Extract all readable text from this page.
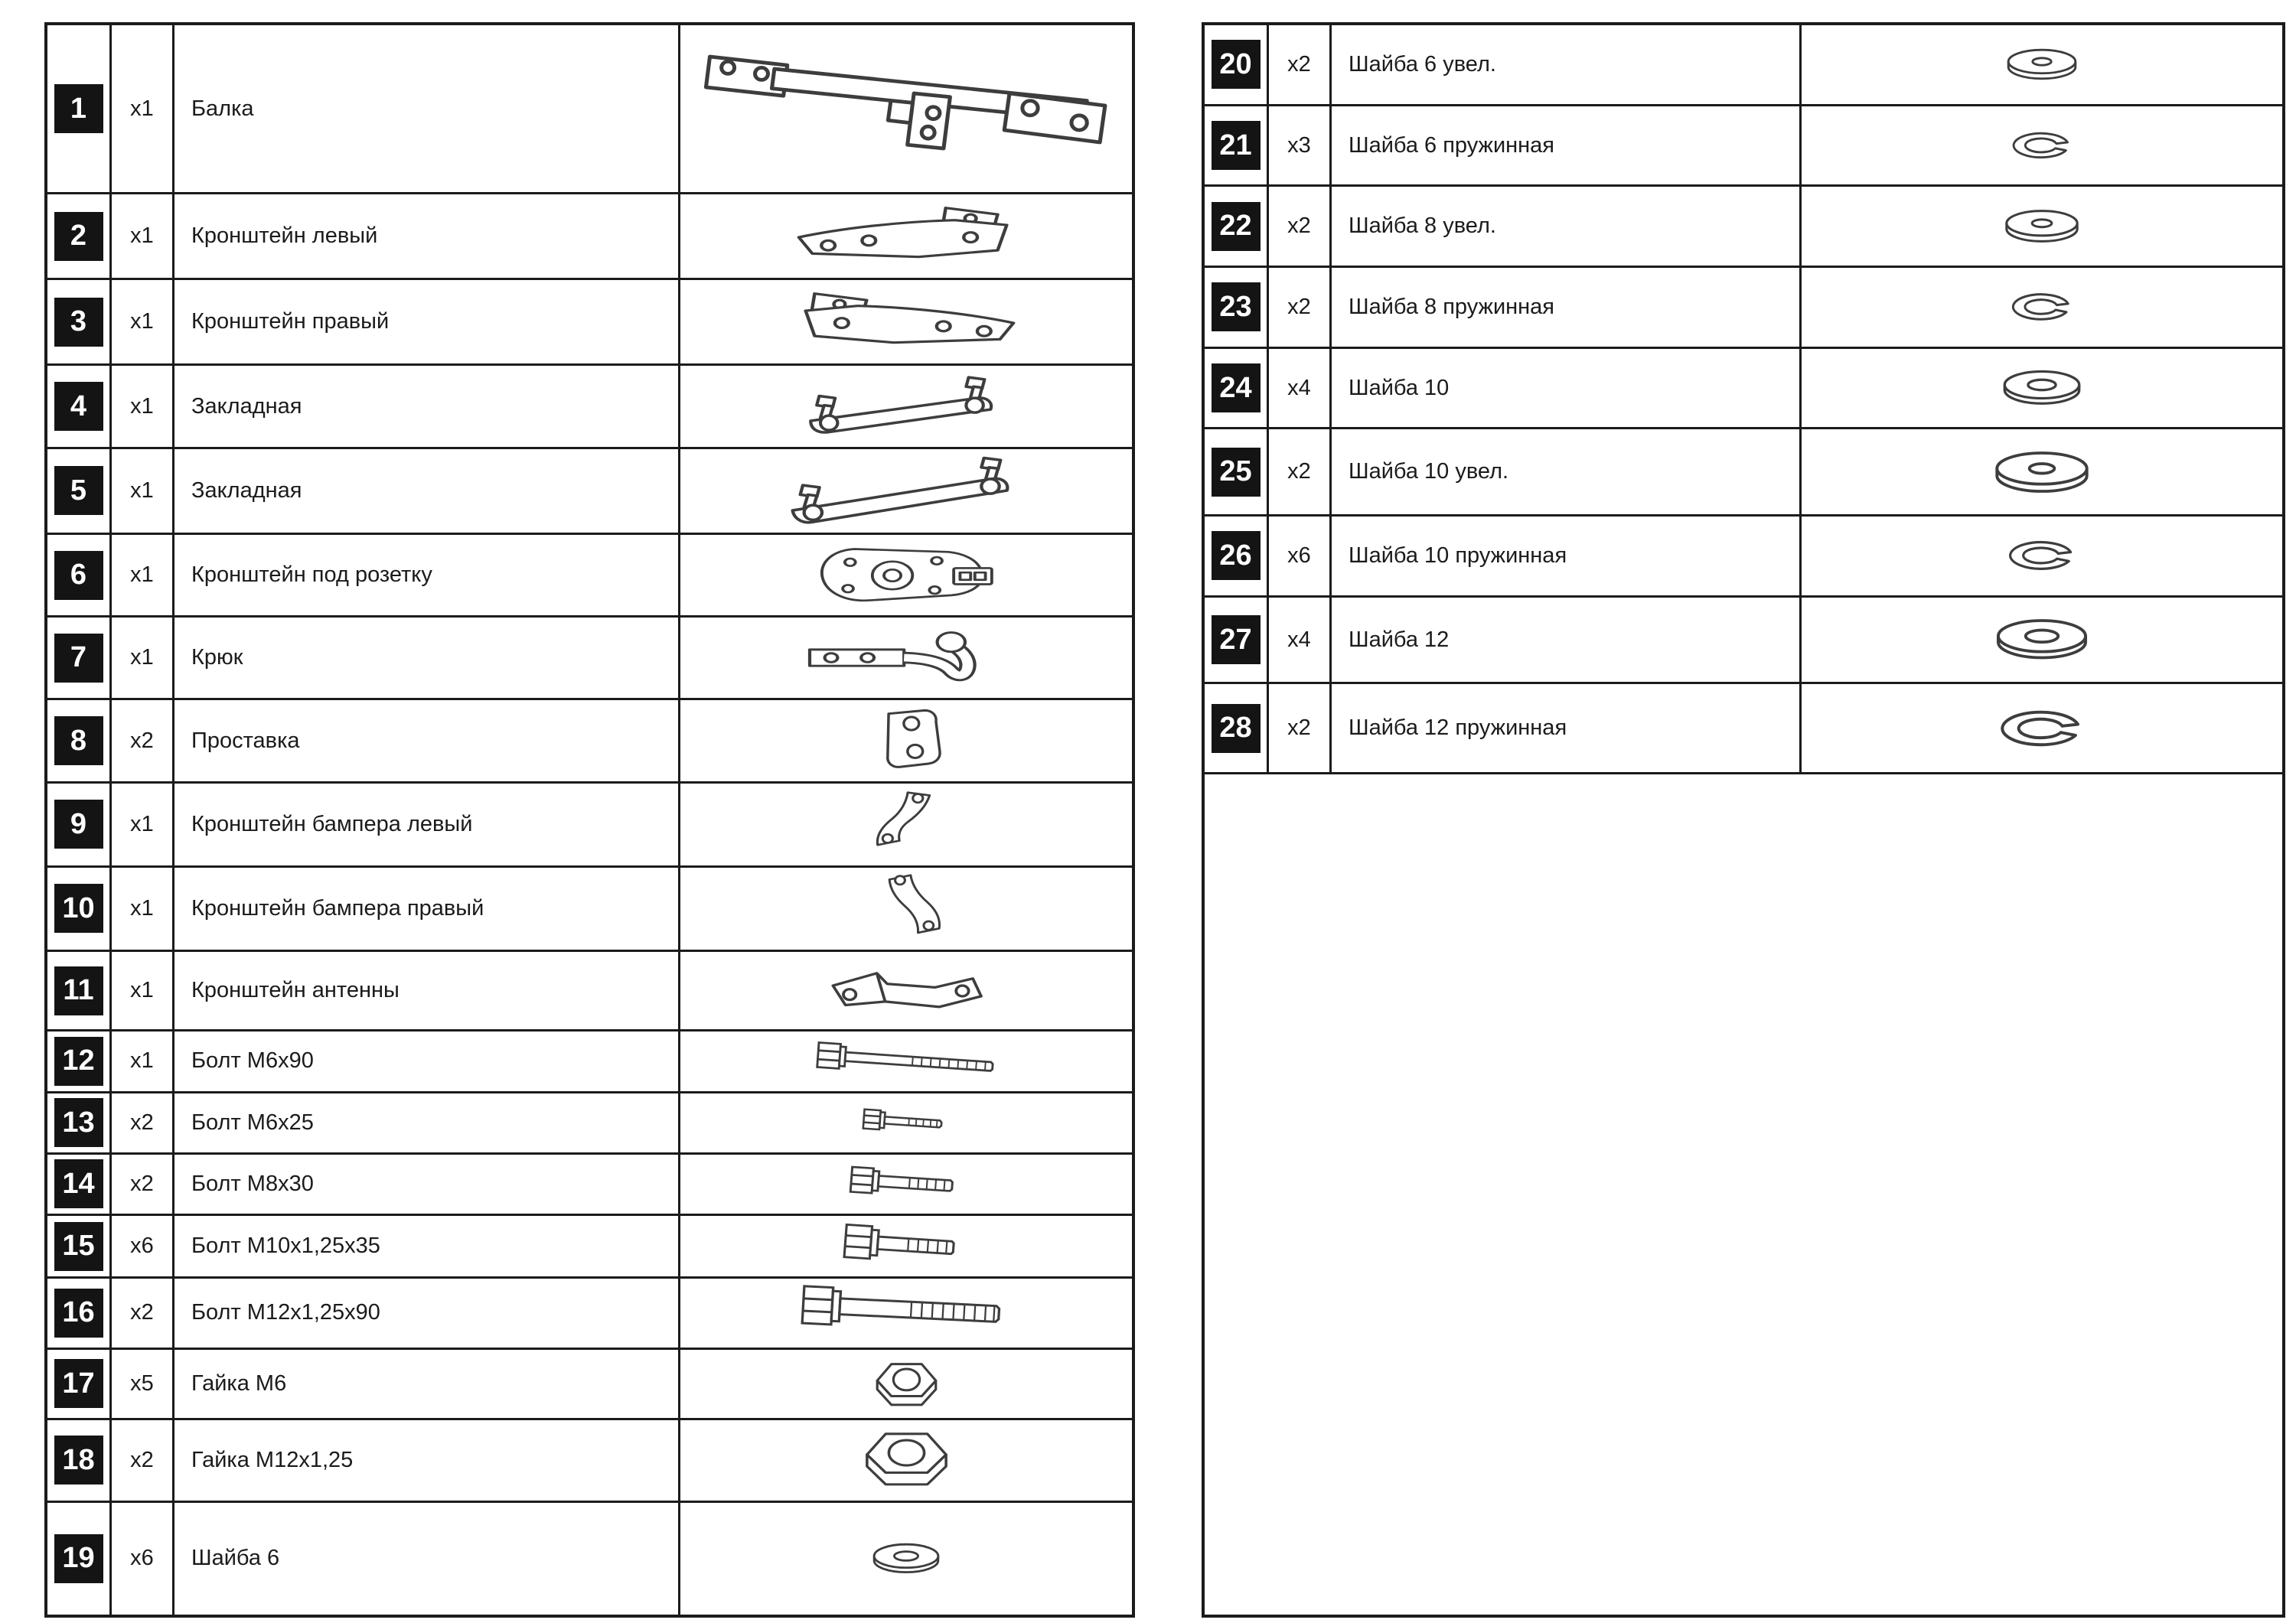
1	x1	Балка
2	x1	Кронштейн левый
3	x1	Кронштейн правый
4	x1	Закладная
5	x1	Закладная
6	x1	Кронштейн под розетку
7	x1	Крюк
8	x2	Проставка
9	x1	Кронштейн бампера левый
10	x1	Кронштейн бампера правый
11	x1	Кронштейн антенны
12	x1	Болт М6х90
13	x2	Болт М6х25
14	x2	Болт М8х30
15	x6	Болт М10х1,25х35
16	x2	Болт М12х1,25х90
17	x5	Гайка М6
18	x2	Гайка М12х1,25
19	x6	Шайба 6
20	x2	Шайба 6 увел.
21	x3	Шайба 6 пружинная
22	x2	Шайба 8 увел.
23	x2	Шайба 8 пружинная
24	x4	Шайба 10
25	x2	Шайба 10 увел.
26	x6	Шайба 10 пружинная
27	x4	Шайба 12
28	x2	Шайба 12 пружинная
